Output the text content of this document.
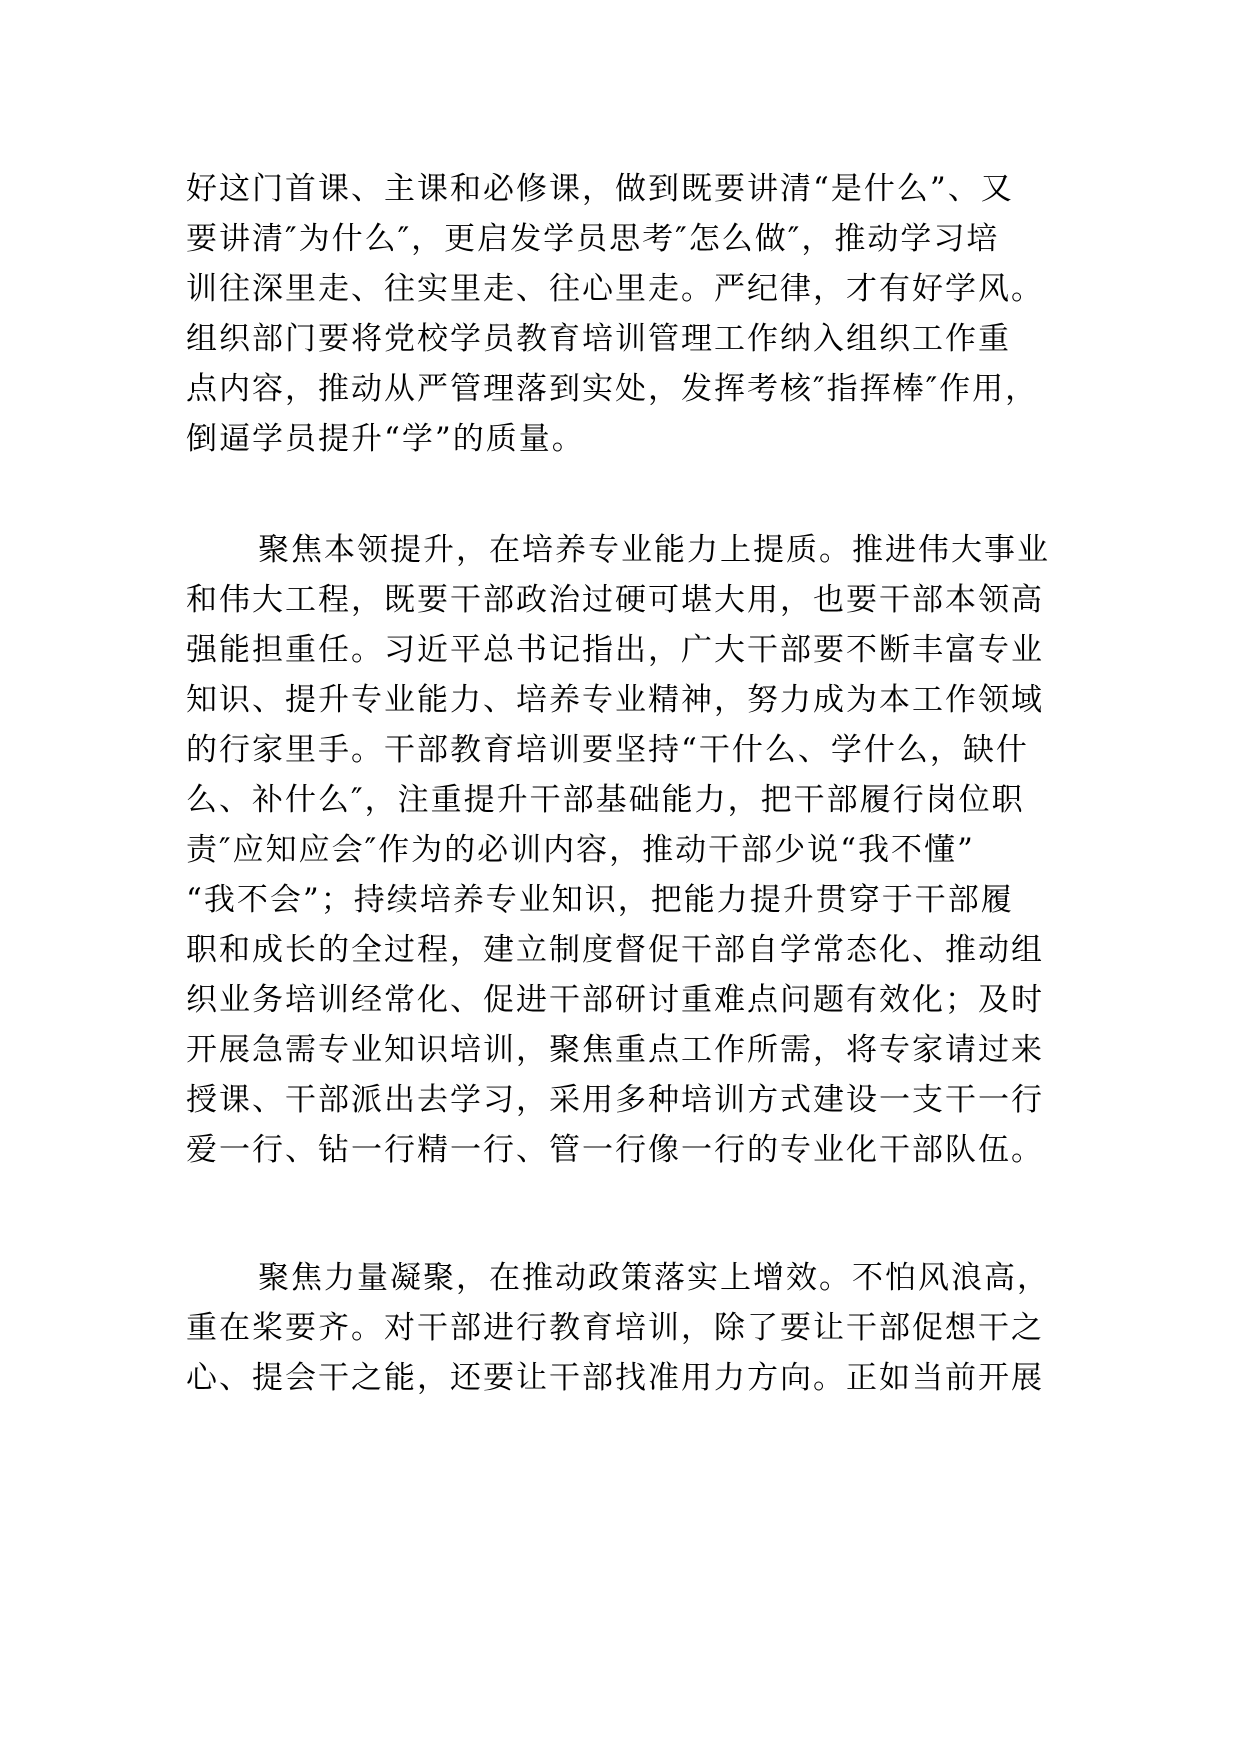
好这门首课、主课和必修课，做到既要讲清“是什么”、又
要讲清″为什么″，更启发学员思考″怎么做″，推动学习培
训往深里走、往实里走、往心里走。严纪律，才有好学风。
组织部门要将党校学员教育培训管理工作纳入组织工作重
点内容，推动从严管理落到实处，发挥考核″指挥棒″作用，
倒逼学员提升“学”的质量。
聚焦本领提升，在培养专业能力上提质。推进伟大事业
和伟大工程，既要干部政治过硬可堪大用，也要干部本领高
强能担重任。习近平总书记指出，广大干部要不断丰富专业
知识、提升专业能力、培养专业精神，努力成为本工作领域
的行家里手。干部教育培训要坚持“干什么、学什么，缺什
么、补什么″，注重提升干部基础能力，把干部履行岗位职
责″应知应会″作为的必训内容，推动干部少说“我不懂”
“我不会”；持续培养专业知识，把能力提升贯穿于干部履
职和成长的全过程，建立制度督促干部自学常态化、推动组
织业务培训经常化、促进干部研讨重难点问题有效化；及时
开展急需专业知识培训，聚焦重点工作所需，将专家请过来
授课、干部派出去学习，采用多种培训方式建设一支干一行
爱一行、钻一行精一行、管一行像一行的专业化干部队伍。
聚焦力量凝聚，在推动政策落实上增效。不怕风浪高，
重在桨要齐。对干部进行教育培训，除了要让干部促想干之
心、提会干之能，还要让干部找准用力方向。正如当前开展
